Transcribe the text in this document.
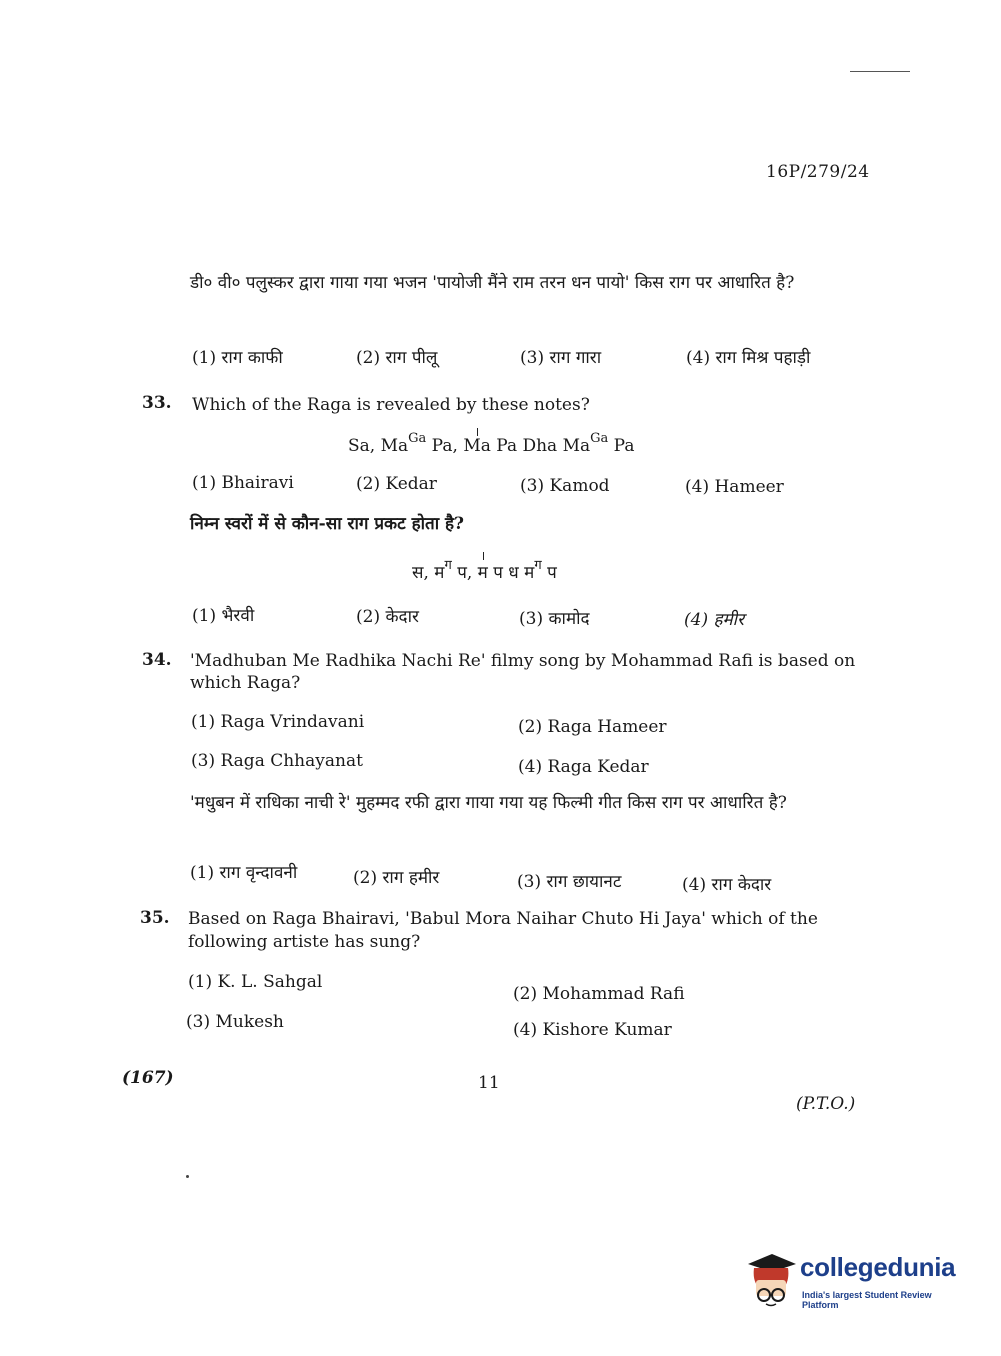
16P/279/24
डी० वी० पलुस्कर द्वारा गाया गया भजन 'पायोजी मैंने राम तरन धन पायो' किस राग पर आधारित है?
(1) राग काफी	(2) राग पीलू	(3) राग गारा	(4) राग मिश्र पहाड़ी
33. Which of the Raga is revealed by these notes?
Sa, $Ma^{Ga}$ Pa, Ma Pa Dha $Ma^{Ga}$ Pa
(1) Bhairavi	(2) Kedar	(3) Kamod	(4) Hameer
निम्न स्वरों में से कौन-सा राग प्रकट होता है?
स, म$^ग$ प, म प ध म$^ग$ प
(1) भैरवी	(2) केदार	(3) कामोद	(4) हमीर
34. 'Madhuban Me Radhika Nachi Re' filmy song by Mohammad Rafi is based on which Raga?
(1) Raga Vrindavani	(2) Raga Hameer
(3) Raga Chhayanat	(4) Raga Kedar
'मधुबन में राधिका नाची रे' मुहम्मद रफी द्वारा गाया गया यह फिल्मी गीत किस राग पर आधारित है?
(1) राग वृन्दावनी	(2) राग हमीर	(3) राग छायानट	(4) राग केदार
35. Based on Raga Bhairavi, 'Babul Mora Naihar Chuto Hi Jaya' which of the following artiste has sung?
(1) K. L. Sahgal
(2) Mohammad Rafi
(3) Mukesh	(4) Kishore Kumar
(167)	11
(P.T.O.)
collegedunia
India's largest Student Review Platform
